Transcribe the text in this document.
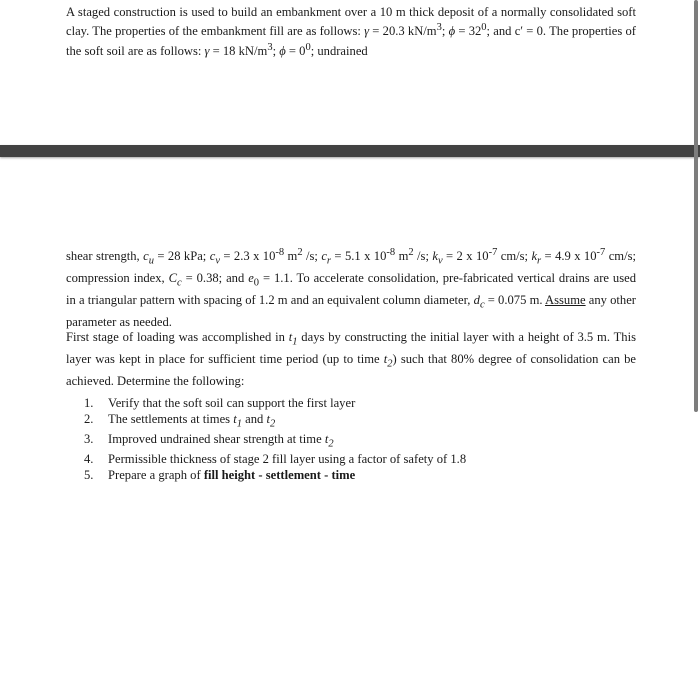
A staged construction is used to build an embankment over a 10 m thick deposit of a normally consolidated soft clay. The properties of the embankment fill are as follows: γ = 20.3 $kN/m^3$; $\phi = 32^0$; and c′ = 0. The properties of the soft soil are as follows: γ = 18 $kN/m^3$; $\phi = 0^0$; undrained

shear strength, $c_u = 28$ kPa; $c_v = 2.3$ x $10^{-8}$ $m^2$ /s; $c_r = 5.1$ x $10^{-8}$ $m^2$ /s; $k_v = 2$ x $10^{-7}$ cm/s; $k_r = 4.9$ x $10^{-7}$ cm/s; compression index, $C_c = 0.38$; and $e_0 = 1.1$. To accelerate consolidation, pre-fabricated vertical drains are used in a triangular pattern with spacing of 1.2 m and an equivalent column diameter, $d_c = 0.075$ m. Assume any other parameter as needed.

First stage of loading was accomplished in $t_1$ days by constructing the initial layer with a height of 3.5 m. This layer was kept in place for sufficient time period (up to time $t_2$) such that 80% degree of consolidation can be achieved. Determine the following:

1.	Verify that the soft soil can support the first layer
2.	The settlements at times $t_1$ and $t_2$
3.	Improved undrained shear strength at time $t_2$
4.	Permissible thickness of stage 2 fill layer using a factor of safety of 1.8
5.	Prepare a graph of fill height - settlement - time
